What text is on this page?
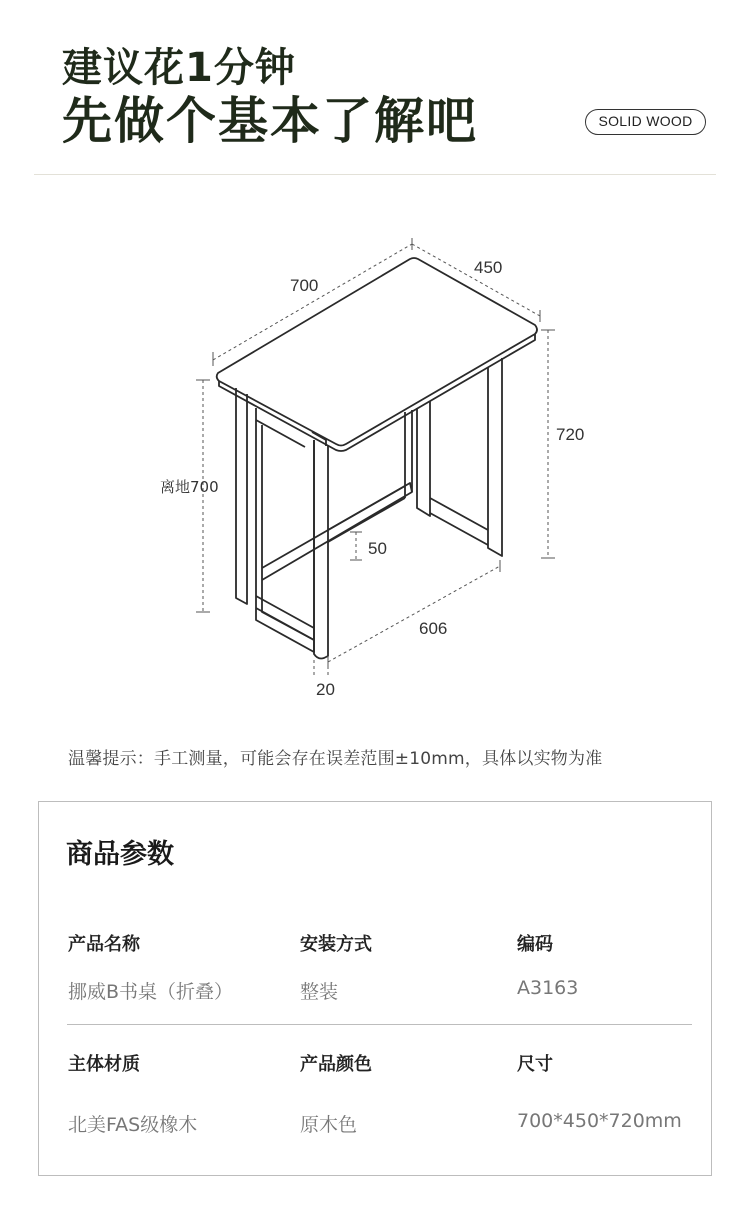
建议花1分钟
先做个基本了解吧	SOLID WOOD
700
450
720
离地700
50
606
20
温馨提示：手工测量，可能会存在误差范围±10mm，具体以实物为准
商品参数
产品名称
挪威B书桌（折叠）
安装方式
整装
编码
A3163
主体材质
北美FAS级橡木
产品颜色
原木色
尺寸
700*450*720mm
